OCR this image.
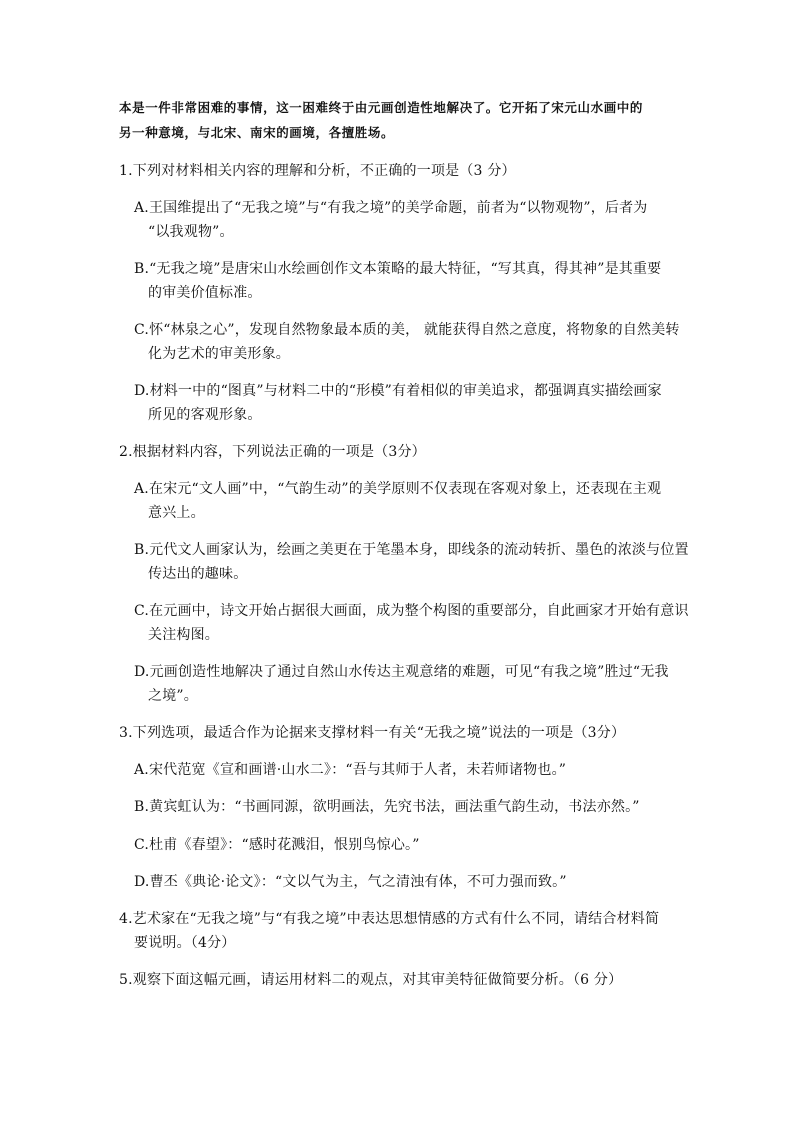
本是一件非常困难的事情，这一困难终于由元画创造性地解决了。它开拓了宋元山水画中的
另一种意境，与北宋、南宋的画境，各擅胜场。
1.下列对材料相关内容的理解和分析，不正确的一项是（3 分）
A.王国维提出了“无我之境”与“有我之境”的美学命题，前者为“以物观物”，后者为
“以我观物”。
B.“无我之境”是唐宋山水绘画创作文本策略的最大特征，“写其真，得其神”是其重要
的审美价值标准。
C.怀“林泉之心”，发现自然物象最本质的美， 就能获得自然之意度，将物象的自然美转
化为艺术的审美形象。
D.材料一中的“图真”与材料二中的“形模”有着相似的审美追求，都强调真实描绘画家
所见的客观形象。
2.根据材料内容，下列说法正确的一项是（3分）
A.在宋元“文人画”中，“气韵生动”的美学原则不仅表现在客观对象上，还表现在主观
意兴上。
B.元代文人画家认为，绘画之美更在于笔墨本身，即线条的流动转折、墨色的浓淡与位置
传达出的趣味。
C.在元画中，诗文开始占据很大画面，成为整个构图的重要部分，自此画家才开始有意识
关注构图。
D.元画创造性地解决了通过自然山水传达主观意绪的难题，可见“有我之境”胜过“无我
之境”。
3.下列选项，最适合作为论据来支撑材料一有关“无我之境”说法的一项是（3分）
A.宋代范宽《宣和画谱·山水二》：“吾与其师于人者，未若师诸物也。”
B.黄宾虹认为：“书画同源，欲明画法，先究书法，画法重气韵生动，书法亦然。”
C.杜甫《春望》：“感时花溅泪，恨别鸟惊心。”
D.曹丕《典论·论文》：“文以气为主，气之清浊有体，不可力强而致。”
4.艺术家在“无我之境”与“有我之境”中表达思想情感的方式有什么不同，请结合材料简
要说明。（4分）
5.观察下面这幅元画，请运用材料二的观点，对其审美特征做简要分析。（6 分）
